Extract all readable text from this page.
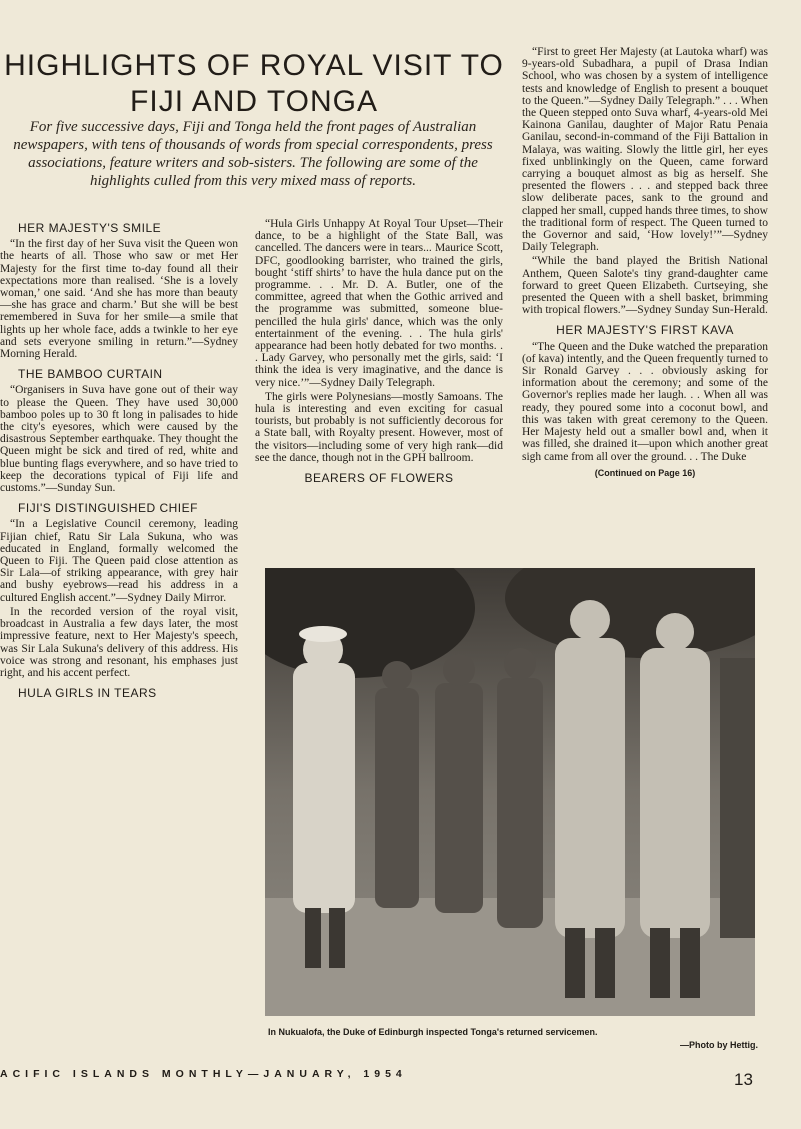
HIGHLIGHTS OF ROYAL VISIT TO FIJI AND TONGA

For five successive days, Fiji and Tonga held the front pages of Australian newspapers, with tens of thousands of words from special correspondents, press associations, feature writers and sob-sisters. The following are some of the highlights culled from this very mixed mass of reports.

HER MAJESTY'S SMILE

“In the first day of her Suva visit the Queen won the hearts of all. Those who saw or met Her Majesty for the first time to-day found all their expectations more than realised. ‘She is a lovely woman,’ one said. ‘And she has more than beauty—she has grace and charm.’ But she will be best remembered in Suva for her smile—a smile that lights up her whole face, adds a twinkle to her eye and sets everyone smiling in return.”—Sydney Morning Herald.

THE BAMBOO CURTAIN

“Organisers in Suva have gone out of their way to please the Queen. They have used 30,000 bamboo poles up to 30 ft long in palisades to hide the city's eyesores, which were caused by the disastrous September earthquake. They thought the Queen might be sick and tired of red, white and blue bunting flags everywhere, and so have tried to keep the decorations typical of Fiji life and customs.”—Sunday Sun.

FIJI'S DISTINGUISHED CHIEF

“In a Legislative Council ceremony, leading Fijian chief, Ratu Sir Lala Sukuna, who was educated in England, formally welcomed the Queen to Fiji. The Queen paid close attention as Sir Lala—of striking appearance, with grey hair and bushy eyebrows—read his address in a cultured English accent.”—Sydney Daily Mirror.

In the recorded version of the royal visit, broadcast in Australia a few days later, the most impressive feature, next to Her Majesty's speech, was Sir Lala Sukuna's delivery of this address. His voice was strong and resonant, his emphases just right, and his accent perfect.

HULA GIRLS IN TEARS

“Hula Girls Unhappy At Royal Tour Upset—Their dance, to be a highlight of the State Ball, was cancelled. The dancers were in tears... Maurice Scott, DFC, goodlooking barrister, who trained the girls, bought ‘stiff shirts’ to have the hula dance put on the programme. . . Mr. D. A. Butler, one of the committee, agreed that when the Gothic arrived and the programme was submitted, someone blue-pencilled the hula girls' dance, which was the only entertainment of the evening. . . The hula girls' appearance had been hotly debated for two months. . . Lady Garvey, who personally met the girls, said: ‘I think the idea is very imaginative, and the dance is very nice.’”—Sydney Daily Telegraph.

The girls were Polynesians—mostly Samoans. The hula is interesting and even exciting for casual tourists, but probably is not sufficiently decorous for a State ball, with Royalty present. However, most of the visitors—including some of very high rank—did see the dance, though not in the GPH ballroom.

BEARERS OF FLOWERS

“First to greet Her Majesty (at Lautoka wharf) was 9-years-old Subadhara, a pupil of Drasa Indian School, who was chosen by a system of intelligence tests and knowledge of English to present a bouquet to the Queen.”—Sydney Daily Telegraph.” . . . When the Queen stepped onto Suva wharf, 4-years-old Mei Kainona Ganilau, daughter of Major Ratu Penaia Ganilau, second-in-command of the Fiji Battalion in Malaya, was waiting. Slowly the little girl, her eyes fixed unblinkingly on the Queen, came forward carrying a bouquet almost as big as herself. She presented the flowers . . . and stepped back three slow deliberate paces, sank to the ground and clapped her small, cupped hands three times, to show the traditional form of respect. The Queen turned to the Governor and said, ‘How lovely!’”—Sydney Daily Telegraph.

“While the band played the British National Anthem, Queen Salote's tiny grand-daughter came forward to greet Queen Elizabeth. Curtseying, she presented the Queen with a shell basket, brimming with tropical flowers.”—Sydney Sunday Sun-Herald.

HER MAJESTY'S FIRST KAVA

“The Queen and the Duke watched the preparation (of kava) intently, and the Queen frequently turned to Sir Ronald Garvey . . . obviously asking for information about the ceremony; and some of the Governor's replies made her laugh. . . When all was ready, they poured some into a coconut bowl, and this was taken with great ceremony to the Queen. Her Majesty held out a smaller bowl and, when it was filled, she drained it—upon which another great sigh came from all over the ground. . . The Duke

(Continued on Page 16)
In Nukualofa, the Duke of Edinburgh inspected Tonga's returned servicemen.
—Photo by Hettig.
ACIFIC ISLANDS MONTHLY—JANUARY, 1954	13
